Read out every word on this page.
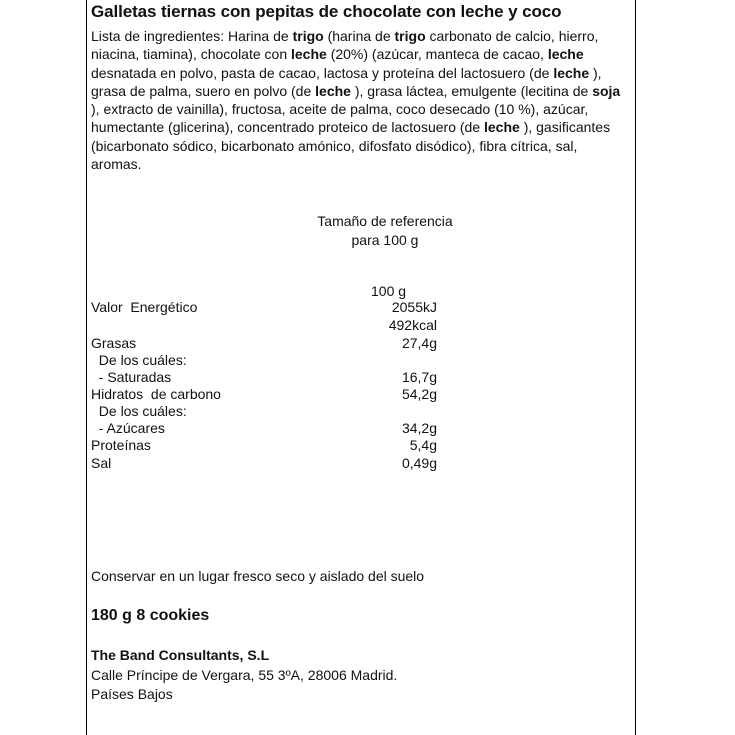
Galletas tiernas con pepitas de chocolate con leche y coco
Lista de ingredientes: Harina de trigo (harina de trigo carbonato de calcio, hierro, niacina, tiamina), chocolate con leche (20%) (azúcar, manteca de cacao, leche desnatada en polvo, pasta de cacao, lactosa y proteína del lactosuero (de leche ), grasa de palma, suero en polvo (de leche ), grasa láctea, emulgente (lecitina de soja ), extracto de vainilla), fructosa, aceite de palma, coco desecado (10 %), azúcar, humectante (glicerina), concentrado proteico de lactosuero (de leche ), gasificantes (bicarbonato sódico, bicarbonato amónico, difosfato disódico), fibra cítrica, sal, aromas.
Tamaño de referencia
para 100 g
100 g
Valor  Energético	2055kJ
492kcal
Grasas	27,4g
De los cuáles:
- Saturadas	16,7g
Hidratos  de carbono	54,2g
De los cuáles:
- Azúcares	34,2g
Proteínas	5,4g
Sal	0,49g
Conservar en un lugar fresco seco y aislado del suelo
180 g 8 cookies
The Band Consultants, S.L
Calle Príncipe de Vergara, 55 3ºA, 28006 Madrid.
Países Bajos
